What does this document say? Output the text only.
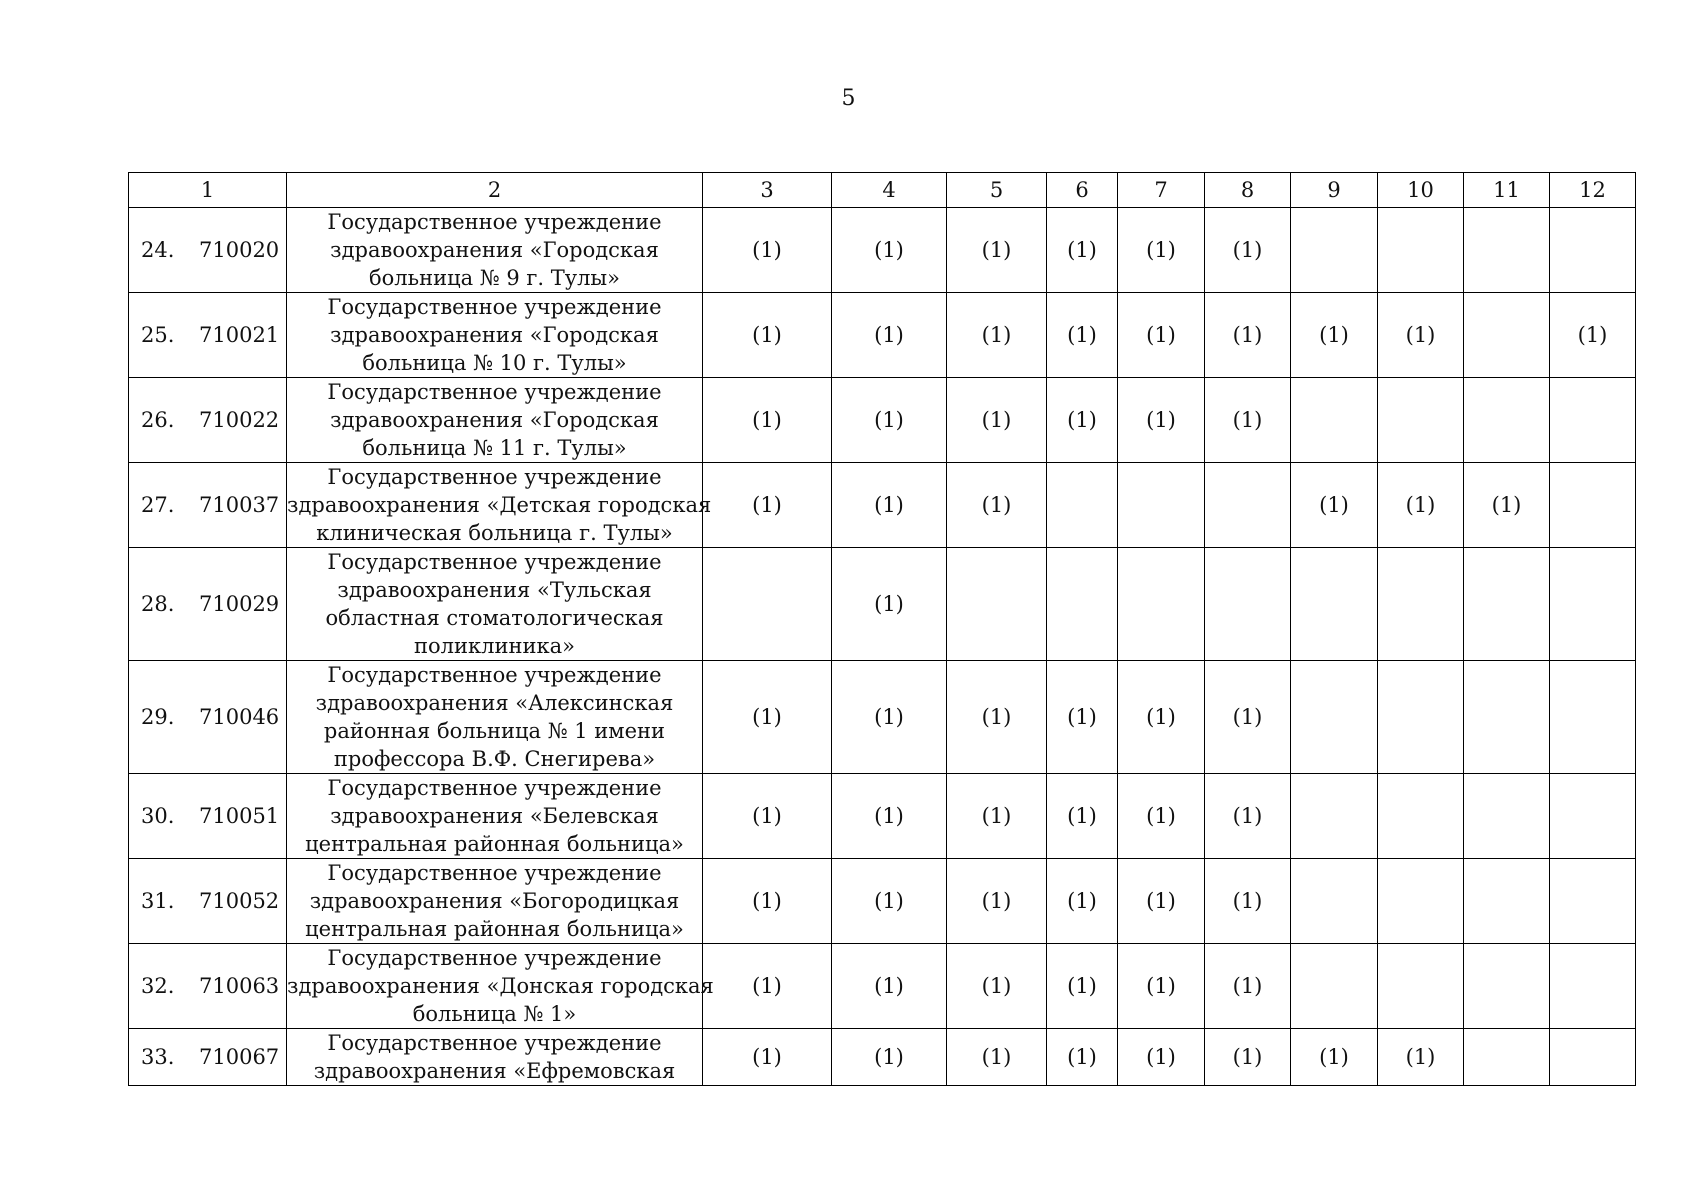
5
1	2	3	4	5	6	7	8	9	10	11	12

24. 710020	Государственное учреждение
здравоохранения «Городская
больница № 9 г. Тулы»	(1)	(1)	(1)	(1)	(1)	(1)				

25. 710021	Государственное учреждение
здравоохранения «Городская
больница № 10 г. Тулы»	(1)	(1)	(1)	(1)	(1)	(1)	(1)	(1)		(1)

26. 710022	Государственное учреждение
здравоохранения «Городская
больница № 11 г. Тулы»	(1)	(1)	(1)	(1)	(1)	(1)				

27. 710037	Государственное учреждение
здравоохранения «Детская городская
клиническая больница г. Тулы»	(1)	(1)	(1)				(1)	(1)	(1)	

28. 710029	Государственное учреждение
здравоохранения «Тульская
областная стоматологическая
поликлиника»		(1)								

29. 710046	Государственное учреждение
здравоохранения «Алексинская
районная больница № 1 имени
профессора В.Ф. Снегирева»	(1)	(1)	(1)	(1)	(1)	(1)				

30. 710051	Государственное учреждение
здравоохранения «Белевская
центральная районная больница»	(1)	(1)	(1)	(1)	(1)	(1)				

31. 710052	Государственное учреждение
здравоохранения «Богородицкая
центральная районная больница»	(1)	(1)	(1)	(1)	(1)	(1)				

32. 710063	Государственное учреждение
здравоохранения «Донская городская
больница № 1»	(1)	(1)	(1)	(1)	(1)	(1)				

33. 710067	Государственное учреждение
здравоохранения «Ефремовская	(1)	(1)	(1)	(1)	(1)	(1)	(1)	(1)		
